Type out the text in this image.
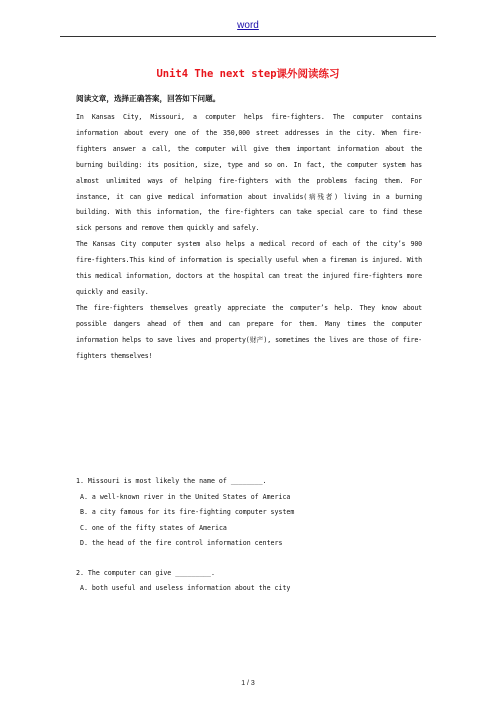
word
Unit4 The next step课外阅读练习
阅读文章，选择正确答案，回答如下问题。

In Kansas City, Missouri, a computer helps fire-fighters. The computer contains information about every one of the 350,000 street addresses in the city. When fire-fighters answer a call, the computer will give them important information about the burning building: its position, size, type and so on. In fact, the computer system has almost unlimited ways of helping fire-fighters with the problems facing them. For instance, it can give medical information about invalids(病残者) living in a burning building. With this information, the fire-fighters can take special care to find these sick persons and remove them quickly and safely.

The Kansas City computer system also helps a medical record of each of the city’s 900 fire-fighters.This kind of information is specially useful when a fireman is injured. With this medical information, doctors at the hospital can treat the injured fire-fighters more quickly and easily.

The fire-fighters themselves greatly appreciate the computer’s help. They know about possible dangers ahead of them and can prepare for them. Many times the computer information helps to save lives and property(财产), sometimes the lives are those of fire-fighters themselves!

1. Missouri is most likely the name of ________.

A. a well-known river in the United States of America

B. a city famous for its fire-fighting computer system

C. one of the fifty states of America

D. the head of the fire control information centers

2. The computer can give _________.

A. both useful and useless information about the city

1 / 3
